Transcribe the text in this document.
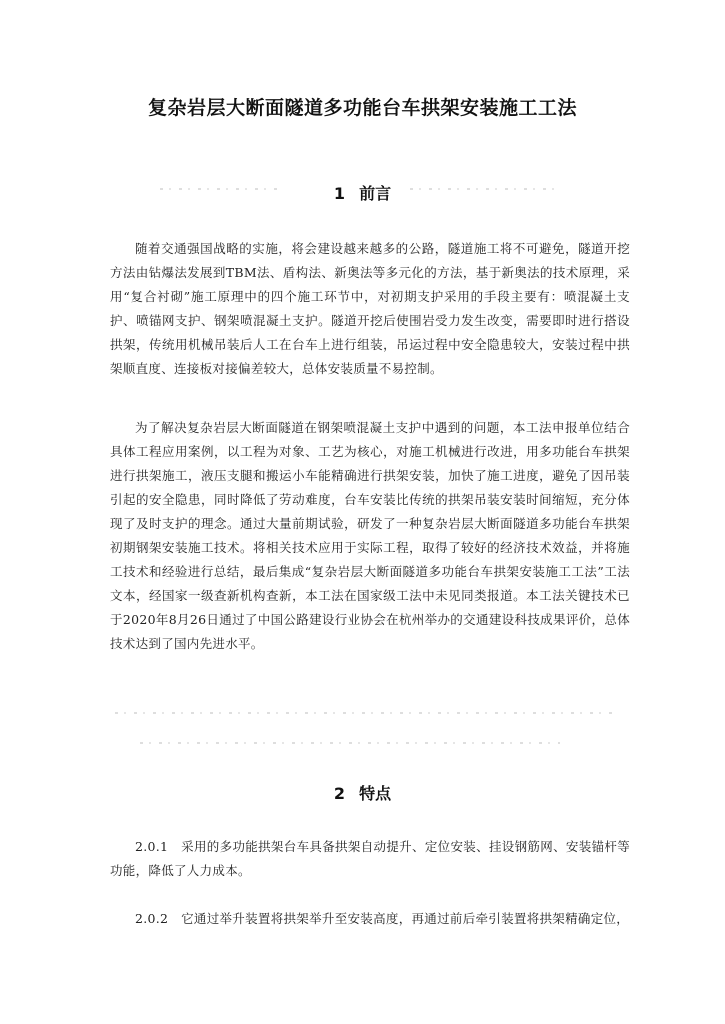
复杂岩层大断面隧道多功能台车拱架安装施工工法
1 前言

随着交通强国战略的实施，将会建设越来越多的公路，隧道施工将不可避免，隧道开挖方法由钻爆法发展到TBM法、盾构法、新奥法等多元化的方法，基于新奥法的技术原理，采用“复合衬砌”施工原理中的四个施工环节中，对初期支护采用的手段主要有：喷混凝土支护、喷锚网支护、钢架喷混凝土支护。隧道开挖后使围岩受力发生改变，需要即时进行搭设拱架，传统用机械吊装后人工在台车上进行组装，吊运过程中安全隐患较大，安装过程中拱架顺直度、连接板对接偏差较大，总体安装质量不易控制。

为了解决复杂岩层大断面隧道在钢架喷混凝土支护中遇到的问题，本工法申报单位结合具体工程应用案例，以工程为对象、工艺为核心，对施工机械进行改进，用多功能台车拱架进行拱架施工，液压支腿和搬运小车能精确进行拱架安装，加快了施工进度，避免了因吊装引起的安全隐患，同时降低了劳动难度，台车安装比传统的拱架吊装安装时间缩短，充分体现了及时支护的理念。通过大量前期试验，研发了一种复杂岩层大断面隧道多功能台车拱架初期钢架安装施工技术。将相关技术应用于实际工程，取得了较好的经济技术效益，并将施工技术和经验进行总结，最后集成“复杂岩层大断面隧道多功能台车拱架安装施工工法”工法文本，经国家一级查新机构查新，本工法在国家级工法中未见同类报道。本工法关键技术已于2020年8月26日通过了中国公路建设行业协会在杭州举办的交通建设科技成果评价，总体技术达到了国内先进水平。

2 特点

2.0.1　采用的多功能拱架台车具备拱架自动提升、定位安装、挂设钢筋网、安装锚杆等功能，降低了人力成本。

2.0.2　它通过举升装置将拱架举升至安装高度，再通过前后牵引装置将拱架精确定位，
